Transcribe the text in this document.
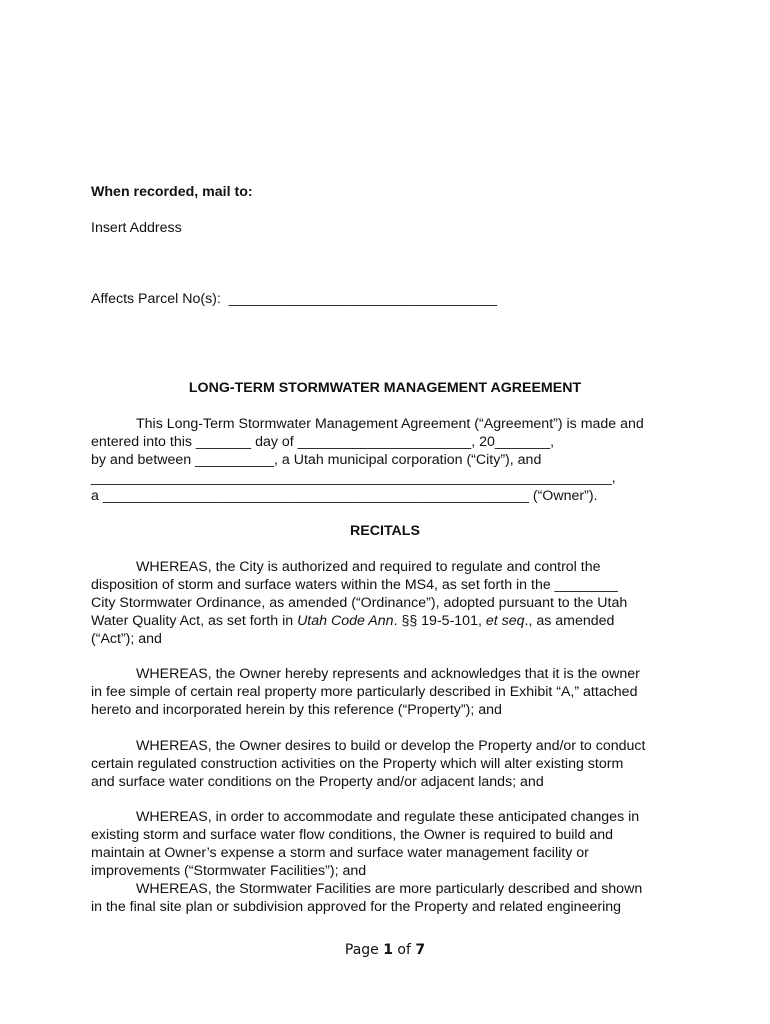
When recorded, mail to:
Insert Address
Affects Parcel No(s):  __________________________________
LONG-TERM STORMWATER MANAGEMENT AGREEMENT
This Long-Term Stormwater Management Agreement (“Agreement”) is made and
entered into this _______ day of ______________________, 20_______,
by and between __________, a Utah municipal corporation (“City”), and
__________________________________________________________________,
a ______________________________________________________ (“Owner”).
RECITALS
WHEREAS, the City is authorized and required to regulate and control the
disposition of storm and surface waters within the MS4, as set forth in the ________
City Stormwater Ordinance, as amended (“Ordinance”), adopted pursuant to the Utah
Water Quality Act, as set forth in Utah Code Ann. §§ 19-5-101, et seq., as amended
(“Act”); and
WHEREAS, the Owner hereby represents and acknowledges that it is the owner
in fee simple of certain real property more particularly described in Exhibit “A,” attached
hereto and incorporated herein by this reference (“Property”); and
WHEREAS, the Owner desires to build or develop the Property and/or to conduct
certain regulated construction activities on the Property which will alter existing storm
and surface water conditions on the Property and/or adjacent lands; and
WHEREAS, in order to accommodate and regulate these anticipated changes in
existing storm and surface water flow conditions, the Owner is required to build and
maintain at Owner’s expense a storm and surface water management facility or
improvements (“Stormwater Facilities”); and
WHEREAS, the Stormwater Facilities are more particularly described and shown
in the final site plan or subdivision approved for the Property and related engineering
Page 1 of 7
